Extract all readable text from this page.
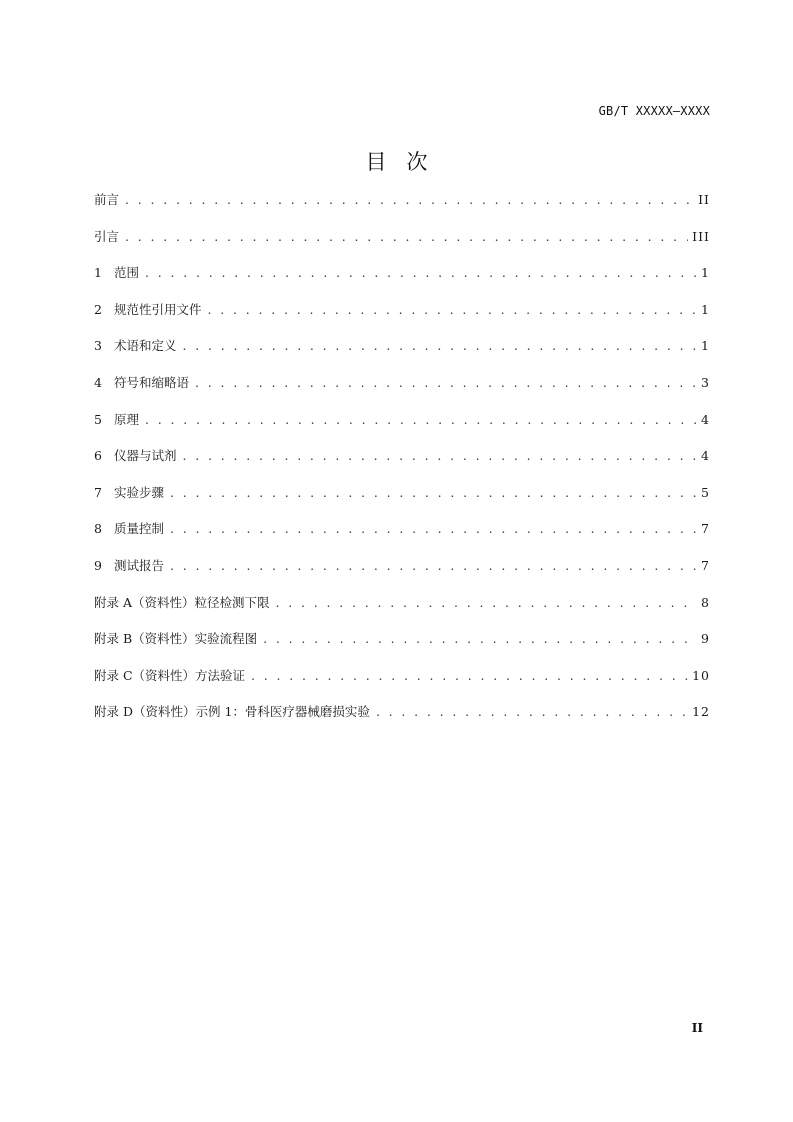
GB/T XXXXX—XXXX
目次
前言 . . .	II
引言 . . .	III
1 范围 . . .	1
2 规范性引用文件 . . .	1
3 术语和定义 . . .	1
4 符号和缩略语 . . .	3
5 原理 . . .	4
6 仪器与试剂 . . .	4
7 实验步骤 . . .	5
8 质量控制 . . .	7
9 测试报告 . . .	7
附录 A（资料性）粒径检测下限 . . .	8
附录 B（资料性）实验流程图 . . .	9
附录 C（资料性）方法验证 . . .	10
附录 D（资料性）示例 1：骨科医疗器械磨损实验 . . .	12
II
